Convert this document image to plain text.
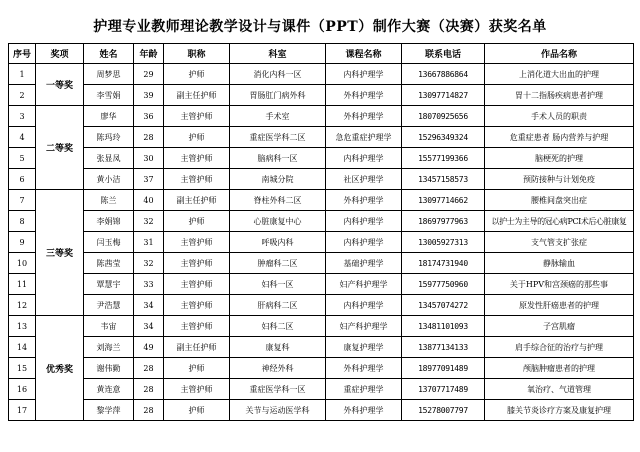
护理专业教师理论教学设计与课件（PPT）制作大赛（决赛）获奖名单
序号	奖项	姓名	年龄	职称	科室	课程名称	联系电话	作品名称
1	一等奖	周梦思	29	护师	消化内科一区	内科护理学	13667886864	上消化道大出血的护理
2		李雪娟	39	副主任护师	胃肠肛门病外科	外科护理学	13097714827	胃十二指肠疾病患者护理
3	二等奖	廖华	36	主管护师	手术室	外科护理学	18070925656	手术人员的职责
4		陈玛玲	28	护师	重症医学科二区	急危重症护理学	15296349324	危重症患者 肠内营养与护理
5		张显凤	30	主管护师	脑病科一区	内科护理学	15577199366	脑梗死的护理
6		黄小洁	37	主管护师	南城分院	社区护理学	13457158573	预防接种与计划免疫
7	三等奖	陈兰	40	副主任护师	脊柱外科二区	外科护理学	13097714662	腰椎间盘突出症
8		李娟锦	32	护师	心脏康复中心	内科护理学	18697977963	以护士为主导的冠心病PCI术后心脏康复
9		闫玉梅	31	主管护师	呼吸内科	内科护理学	13005927313	支气管支扩张症
10		陈茜莹	32	主管护师	肿瘤科二区	基础护理学	18174731940	静脉输血
11		覃慧宇	33	主管护师	妇科一区	妇产科护理学	15977750960	关于HPV和宫颈癌的那些事
12		尹浩慧	34	主管护师	肝病科二区	内科护理学	13457074272	原发性肝癌患者的护理
13	优秀奖	韦宙	34	主管护师	妇科二区	妇产科护理学	13481101093	子宫肌瘤
14		刘海兰	49	副主任护师	康复科	康复护理学	13877134133	肩手综合征的治疗与护理
15		谢伟勤	28	护师	神经外科	外科护理学	18977091489	颅脑肿瘤患者的护理
16		黄连意	28	主管护师	重症医学科一区	重症护理学	13707717489	氧治疗、气道管理
17		黎学萍	28	护师	关节与运动医学科	外科护理学	15278007797	膝关节炎诊疗方案及康复护理
